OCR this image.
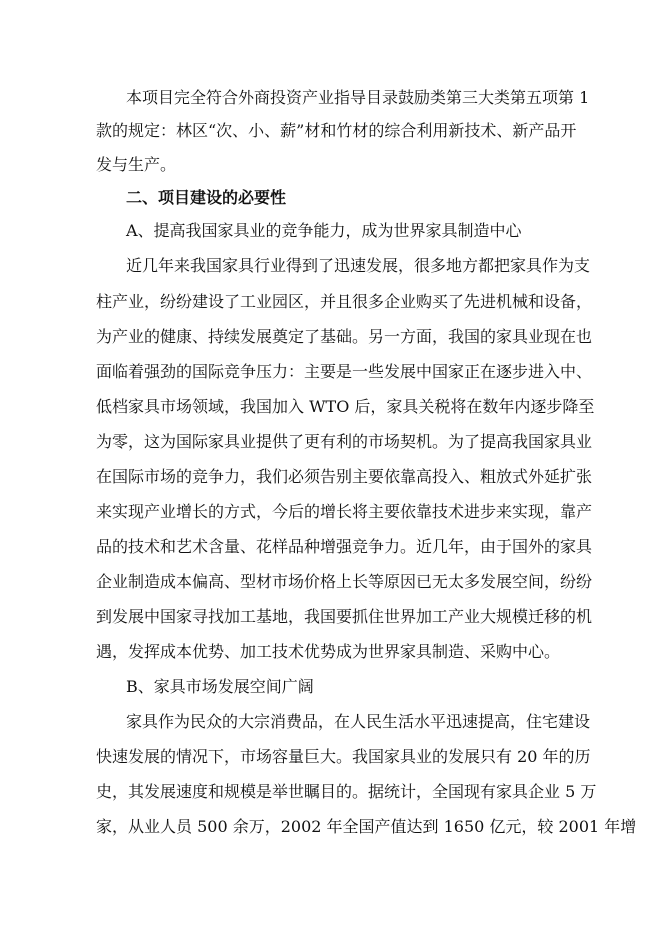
本项目完全符合外商投资产业指导目录鼓励类第三大类第五项第 1
款的规定：林区“次、小、薪”材和竹材的综合利用新技术、新产品开
发与生产。
二、项目建设的必要性
A、提高我国家具业的竞争能力，成为世界家具制造中心
近几年来我国家具行业得到了迅速发展，很多地方都把家具作为支
柱产业，纷纷建设了工业园区，并且很多企业购买了先进机械和设备，
为产业的健康、持续发展奠定了基础。另一方面，我国的家具业现在也
面临着强劲的国际竞争压力：主要是一些发展中国家正在逐步进入中、
低档家具市场领域，我国加入 WTO 后，家具关税将在数年内逐步降至
为零，这为国际家具业提供了更有利的市场契机。为了提高我国家具业
在国际市场的竞争力，我们必须告别主要依靠高投入、粗放式外延扩张
来实现产业增长的方式，今后的增长将主要依靠技术进步来实现，靠产
品的技术和艺术含量、花样品种增强竞争力。近几年，由于国外的家具
企业制造成本偏高、型材市场价格上长等原因已无太多发展空间，纷纷
到发展中国家寻找加工基地，我国要抓住世界加工产业大规模迁移的机
遇，发挥成本优势、加工技术优势成为世界家具制造、采购中心。
B、家具市场发展空间广阔
家具作为民众的大宗消费品，在人民生活水平迅速提高，住宅建设
快速发展的情况下，市场容量巨大。我国家具业的发展只有 20 年的历
史，其发展速度和规模是举世瞩目的。据统计，全国现有家具企业 5 万
家，从业人员 500 余万，2002 年全国产值达到 1650 亿元，较 2001 年增
